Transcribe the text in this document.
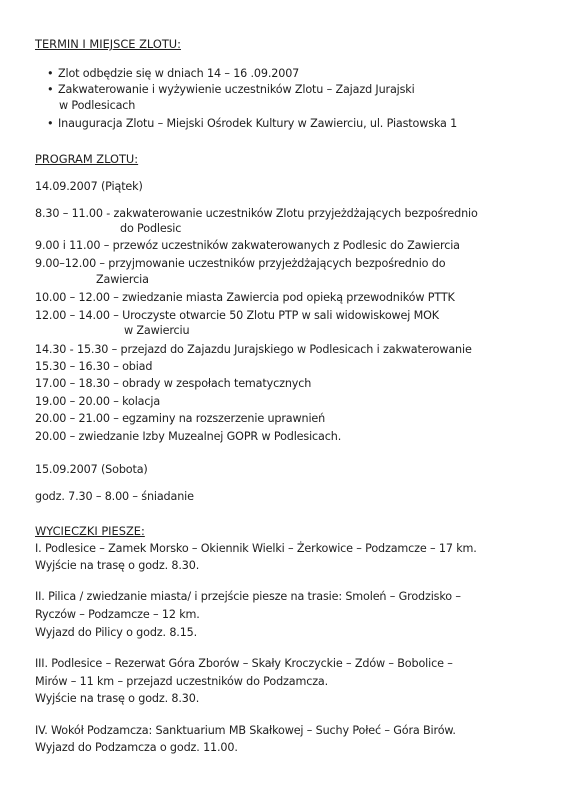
TERMIN I MIEJSCE ZLOTU:
• Zlot odbędzie się w dniach 14 – 16 .09.2007
• Zakwaterowanie i wyżywienie uczestników Zlotu – Zajazd Jurajski
w Podlesicach
• Inauguracja Zlotu – Miejski Ośrodek Kultury w Zawierciu, ul. Piastowska 1
PROGRAM ZLOTU:
14.09.2007 (Piątek)
8.30 – 11.00 - zakwaterowanie uczestników Zlotu przyjeżdżających bezpośrednio
do Podlesic
9.00 i 11.00 – przewóz uczestników zakwaterowanych z Podlesic do Zawiercia
9.00–12.00 – przyjmowanie uczestników przyjeżdżających bezpośrednio do
Zawiercia
10.00 – 12.00 – zwiedzanie miasta Zawiercia pod opieką przewodników PTTK
12.00 – 14.00 – Uroczyste otwarcie 50 Zlotu PTP w sali widowiskowej MOK
w Zawierciu
14.30 - 15.30 – przejazd do Zajazdu Jurajskiego w Podlesicach i zakwaterowanie
15.30 – 16.30 – obiad
17.00 – 18.30 – obrady w zespołach tematycznych
19.00 – 20.00 – kolacja
20.00 – 21.00 – egzaminy na rozszerzenie uprawnień
20.00 – zwiedzanie Izby Muzealnej GOPR w Podlesicach.
15.09.2007 (Sobota)
godz. 7.30 – 8.00 – śniadanie
WYCIECZKI PIESZE:
I. Podlesice – Zamek Morsko – Okiennik Wielki – Żerkowice – Podzamcze – 17 km.
Wyjście na trasę o godz. 8.30.
II. Pilica / zwiedzanie miasta/ i przejście piesze na trasie: Smoleń – Grodzisko –
Ryczów – Podzamcze – 12 km.
Wyjazd do Pilicy o godz. 8.15.
III. Podlesice – Rezerwat Góra Zborów – Skały Kroczyckie – Zdów – Bobolice –
Mirów – 11 km – przejazd uczestników do Podzamcza.
Wyjście na trasę o godz. 8.30.
IV. Wokół Podzamcza: Sanktuarium MB Skałkowej – Suchy Połeć – Góra Birów.
Wyjazd do Podzamcza o godz. 11.00.
